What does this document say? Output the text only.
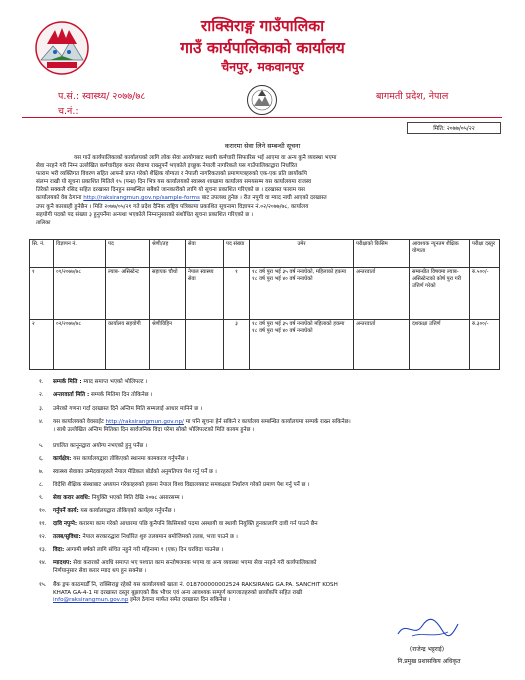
राक्सिराङ्ग गाउँपालिका
गाउँ कार्यपालिकाको कार्यालय
चैनपुर, मकवानपुर
प.सं.: स्वास्थ्य/ २०७७/७८
च.नं.:
बागमती प्रदेश, नेपाल
मिति: २०७७/०५/२२
करारमा सेवा लिने सम्बन्धी सूचना
यस गाउँ कार्यपालिकाको कार्यालयको लागि लोक सेवा आयोगबाट स्थायी कर्मचारी सिफारिस भई आएमा वा अन्य कुनै व्यवस्था भएमा
सेवा नरहने गरी निम्न उल्लेखित कर्मचारीहरु करार सेवामा राख्नुपर्ने भएकोले इच्छुक नेपाली नागरिकले यस गाउँपालिकाद्वारा निर्धारित
फाराम भरी व्यक्तिगत विवरण सहित आफ्नो प्राप्त गरेको शैक्षिक योग्यता र नेपाली नागरिकताको प्रमाणपत्रहरुको एक-एक प्रति छायाँकपि
संलग्न राखी यो सूचना प्रकाशित मितिले १५ (पन्ध्र) दिन भित्र यस कार्यालयको स्वास्थ्य शाखामा कार्यालय समयसम्म यस कार्यालयमा राजस्व
तिरेको सक्कलै रसिद सहित दरखास्त दिनहुन सम्बन्धित सबैको जानकारीको लागि यो सूचना प्रकाशित गरिएको छ । दरखास्त फाराम यस
कार्यालयको वेब ठेगाना http://raksirangmun.gov.np/sample-forms बाट उपलब्ध हुनेछ । रीत नपुगी वा म्याद नाघी आएको दरखास्त
उपर कुनै कारबाही हुनेछैन । मिति २०७७/०५/२१ गते प्रदेश दैनिक राष्ट्रिय पत्रिकामा प्रकाशित सूचनामा विज्ञापन नं.०२/२०७७/७८, कार्यालय
सहयोगी पदको पद संख्या ३ हुनुपर्नेमा अन्यथा भएकोले निम्नानुसारको संशोधित सूचना प्रकाशित गरिएको छ ।
तालिका
सि. नं.	विज्ञापन नं.	पद	श्रेणी/तह	सेवा	पद संख्या	उमेर	परीक्षाको किसिम	आवश्यक न्यूनतम शैक्षिक योग्यता	परीक्षा दस्तुर
१	०१/२०७७/७८	ल्याब- असिस्टेन्ट	सहायक चौथो	नेपाल स्वास्थ्य सेवा	१	१८ वर्ष पुरा भई ३५ वर्ष ननाघेको, महिलाको हकमा १८ वर्ष पुरा भई ४० वर्ष ननाघेको	अन्तरवार्ता	सम्बन्धीत विषयमा ल्याब- असिस्टेन्टको कोर्ष पुरा गरी उत्तिर्ण गरेको	रु.५००/-
२	०२/२०७७/७८	कार्यालय सहयोगी	श्रेणीविहिन		३	१८ वर्ष पुरा भई ३५ वर्ष ननाघेको महिलाको हकमा १८ वर्ष पुरा भई ४० वर्ष ननाघेको	अन्तरवार्ता	दशकक्षा उत्तिर्ण	रु.३००/-
१. सम्पर्क मिति : म्याद समाप्त भएको भोलिपल्ट ।
२. अन्तरवार्ता मिति : सम्पर्क मितिमा दिन तोकिनेछ ।
३. उमेरको गणना गर्दा दरखास्त दिने अन्तिम मिति सम्मलाई आधार मानिने छ ।
४. यस कार्यालयको वेवसाईट http://raksirangmun.gov.np/ मा पनि सूचना हेर्न सकिने र कार्यालय सम्बन्धित कार्यालयमा सम्पर्क राख्न सकिनेछ।
। साथै उल्लेखित अन्तिम मितिका दिन सार्वजनिक विदा परेमा सोको भोलिपल्टको मिति कायम हुनेछ ।
५. प्रचलित कानूनद्वारा अयोग्य नभएको हुनु पर्नेछ ।
६. कार्यक्षेत्र: यस कार्यालयद्वारा तोकिएको स्थानमा कामकाज गर्नुपर्नेछ ।
७. स्वास्थ्य सेवाका उम्मेदवारहरुले नेपाल मेडिकल बोर्डको अनुमतिपत्र पेश गर्नु पर्ने छ ।
८. विदेशि शैक्षिक संस्थाबाट अध्ययन गरेकाहरुको हकमा नेपाल विश्व विद्यालयबाट समकक्षता निर्धारण गरेको प्रमाण पेश गर्नु पर्ने छ ।
९. सेवा करार अवधि: नियुक्ति भएको मिति देखि २०७८ असारसम्म ।
१०. गर्नुपर्ने कार्य: यस कार्यालयद्वारा तोकिएको कार्यहरु गर्नुपर्नेछ ।
११. दावि नपुग्ने: करारमा काम गरेको आधारमा पछि कुनैपनि किसिमको पदमा अस्थायी वा स्थायी नियुक्ति हुनकालागि दावी गर्न पाउने छैन
१२. तलब/सुविधा: नेपाल सरकारद्धारा निर्धारित शुरु तलबमान बमोजिमको तलब, भत्ता पाउने छ ।
१३. विदा: आगामी बर्षको लागि संचित नहुने गरी महिनामा १ (एक) दिन घरविदा पाउनेछ ।
१४. म्यादथप: सेवा करारको अवधि समाप्त भए पश्चात काम सन्तोषजनक भएमा वा अन्य व्यवस्था भएमा सेवा नरहने गरी कार्यपालिकाको
निर्णयानुसार सेवा करार म्याद थप हुन सक्नेछ ।
१५. बैंक ड्रफ काठमाडौँ नि, राक्सिराङ्ग रहेको यस कार्यालयको खाता नं. 018700000002524 RAKSIRANG GA.PA. SANCHIT KOSH
KHATA GA-4-1 मा दरखास्त दस्तुर बुझाएको बैंक भौचर एवं अन्य आवश्यक सम्पूर्ण कागजातहरुको छायाँकपि सहित राखी
info@raksirangmun.gov.np इमेल ठेगाना मार्फत समेत दरखास्त दिन सकिनेछ ।
(राजेन्द्र भट्टराई)
नि.प्रमुख प्रशासकिय अधिकृत
